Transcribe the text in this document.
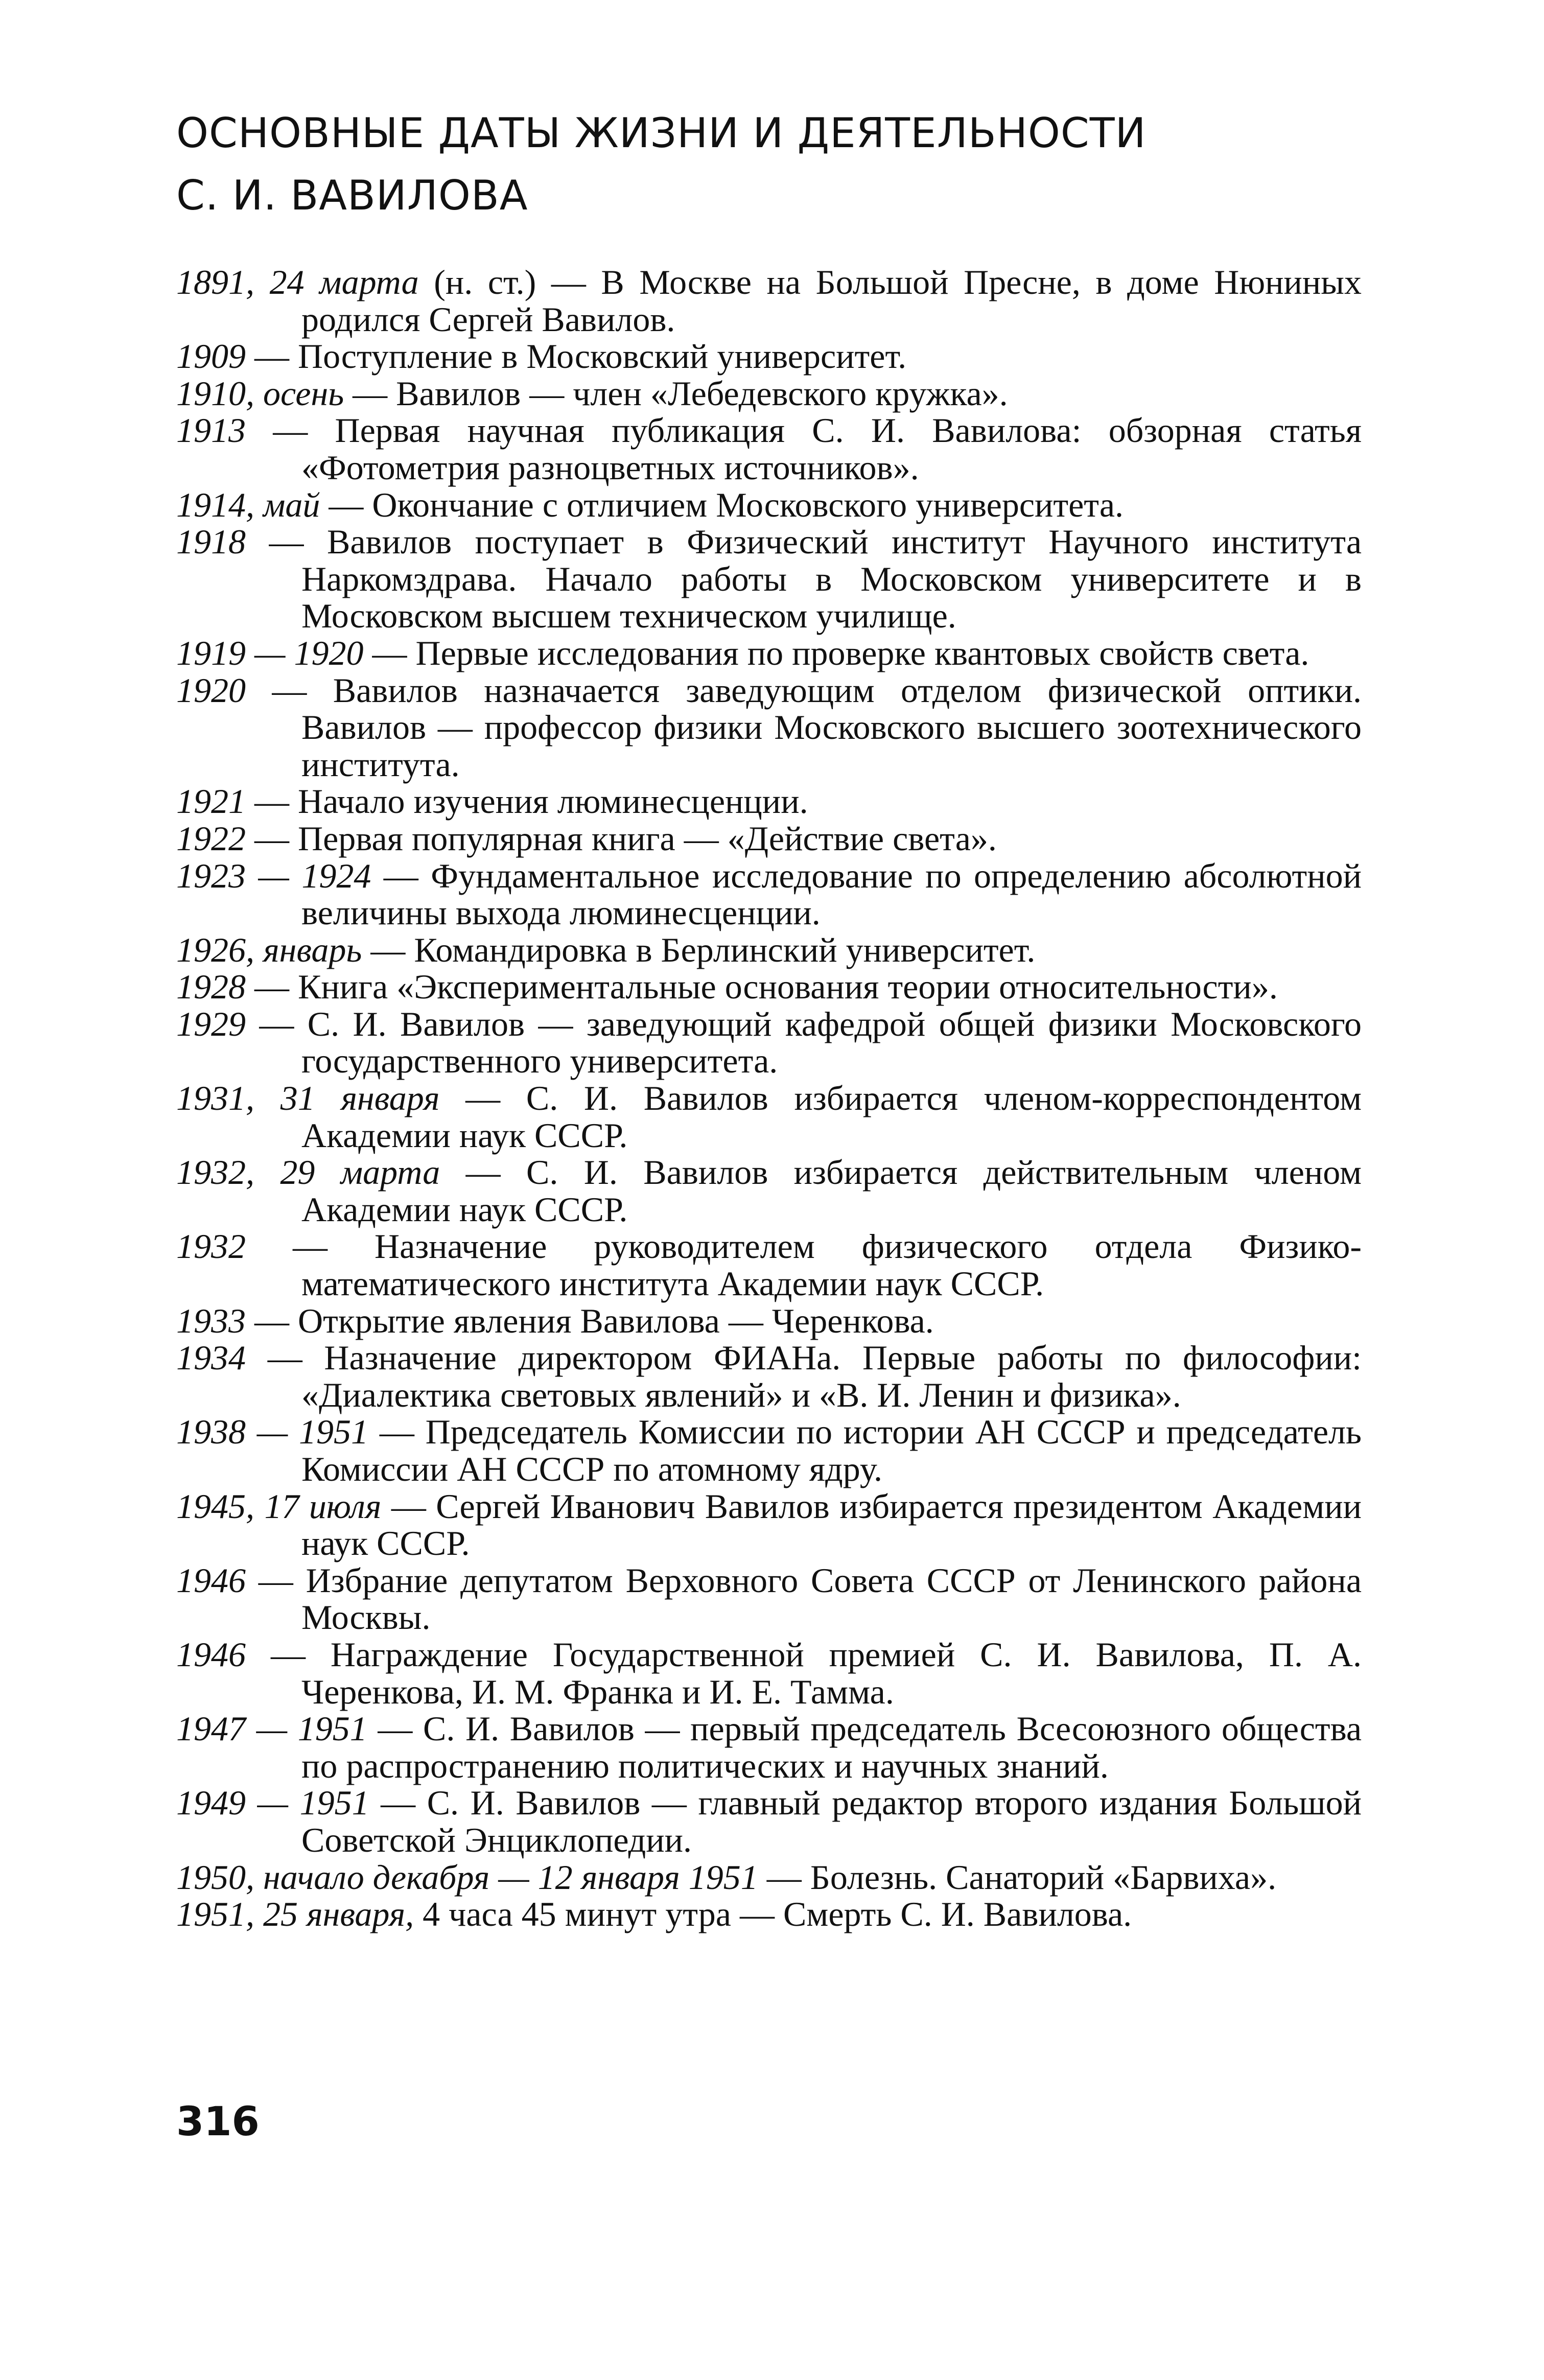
ОСНОВНЫЕ ДАТЫ ЖИЗНИ И ДЕЯТЕЛЬНОСТИ
С. И. ВАВИЛОВА

1891, 24 марта (н. ст.) — В Москве на Большой Пресне, в доме Нюниных родился Сергей Вавилов.

1909 — Поступление в Московский университет.

1910, осень — Вавилов — член «Лебедевского кружка».

1913 — Первая научная публикация С. И. Вавилова: обзорная статья «Фотометрия разноцветных источников».

1914, май — Окончание с отличием Московского университета.

1918 — Вавилов поступает в Физический институт Научного института Наркомздрава. Начало работы в Московском университете и в Московском высшем техническом училище.

1919 — 1920 — Первые исследования по проверке квантовых свойств света.

1920 — Вавилов назначается заведующим отделом физической оптики. Вавилов — профессор физики Московского высшего зоотехнического института.

1921 — Начало изучения люминесценции.

1922 — Первая популярная книга — «Действие света».

1923 — 1924 — Фундаментальное исследование по определению абсолютной величины выхода люминесценции.

1926, январь — Командировка в Берлинский университет.

1928 — Книга «Экспериментальные основания теории относительности».

1929 — С. И. Вавилов — заведующий кафедрой общей физики Московского государственного университета.

1931, 31 января — С. И. Вавилов избирается членом-корреспондентом Академии наук СССР.

1932, 29 марта — С. И. Вавилов избирается действительным членом Академии наук СССР.

1932 — Назначение руководителем физического отдела Физико-математического института Академии наук СССР.

1933 — Открытие явления Вавилова — Черенкова.

1934 — Назначение директором ФИАНа. Первые работы по философии: «Диалектика световых явлений» и «В. И. Ленин и физика».

1938 — 1951 — Председатель Комиссии по истории АН СССР и председатель Комиссии АН СССР по атомному ядру.

1945, 17 июля — Сергей Иванович Вавилов избирается президентом Академии наук СССР.

1946 — Избрание депутатом Верховного Совета СССР от Ленинского района Москвы.

1946 — Награждение Государственной премией С. И. Вавилова, П. А. Черенкова, И. М. Франка и И. Е. Тамма.

1947 — 1951 — С. И. Вавилов — первый председатель Всесоюзного общества по распространению политических и научных знаний.

1949 — 1951 — С. И. Вавилов — главный редактор второго издания Большой Советской Энциклопедии.

1950, начало декабря — 12 января 1951 — Болезнь. Санаторий «Барвиха».

1951, 25 января, 4 часа 45 минут утра — Смерть С. И. Вавилова.

316
